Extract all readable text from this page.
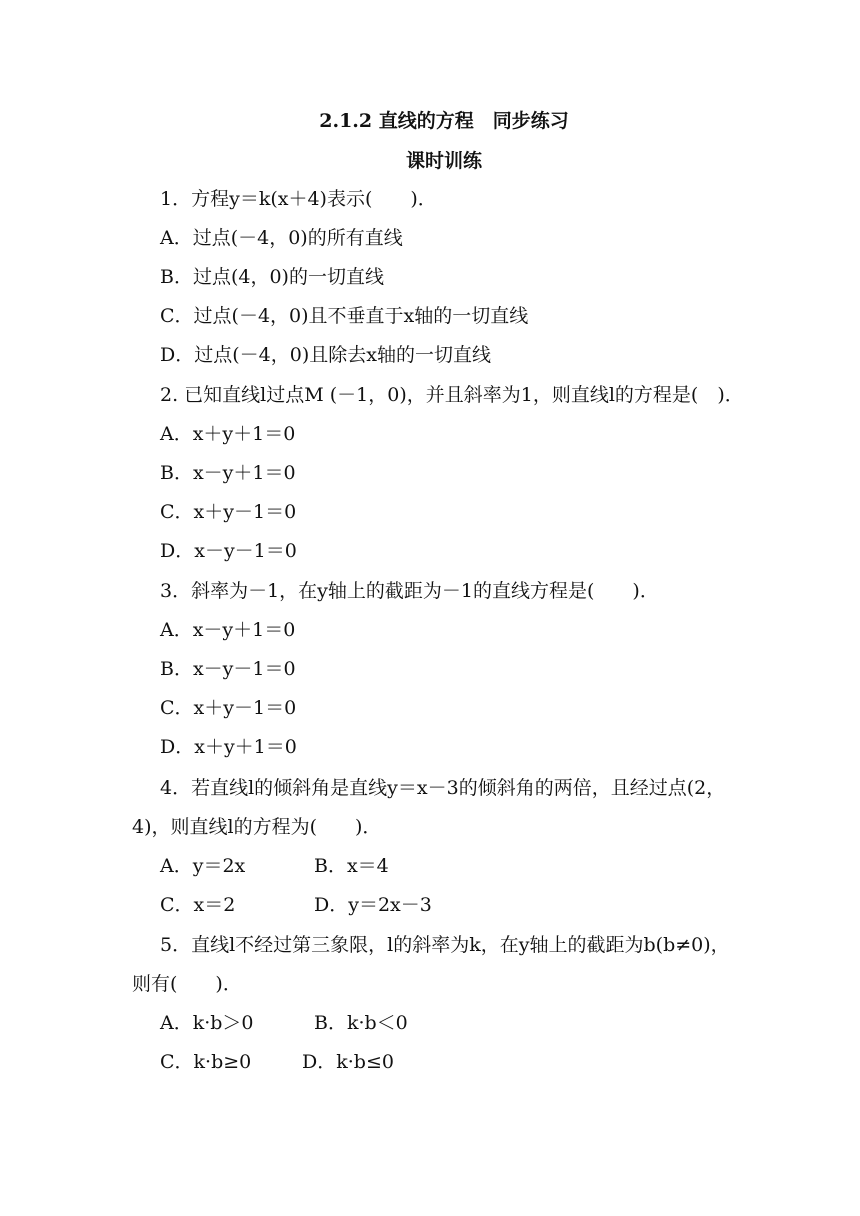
2.1.2 直线的方程　同步练习
课时训练
1．方程y＝k(x＋4)表示(　　)．
A．过点(－4，0)的所有直线
B．过点(4，0)的一切直线
C．过点(－4，0)且不垂直于x轴的一切直线
D．过点(－4，0)且除去x轴的一切直线
2. 已知直线l过点M (－1，0)，并且斜率为1，则直线l的方程是(　)．
A．x＋y＋1＝0
B．x－y＋1＝0
C．x＋y－1＝0
D．x－y－1＝0
3．斜率为－1，在y轴上的截距为－1的直线方程是(　　)．
A．x－y＋1＝0
B．x－y－1＝0
C．x＋y－1＝0
D．x＋y＋1＝0
4．若直线l的倾斜角是直线y＝x－3的倾斜角的两倍，且经过点(2，
4)，则直线l的方程为(　　)．
A．y＝2x	B．x＝4
C．x＝2	D．y＝2x－3
5．直线l不经过第三象限，l的斜率为k，在y轴上的截距为b(b≠0)，
则有(　　)．
A．k·b＞0	B．k·b＜0
C．k·b≥0	D．k·b≤0
